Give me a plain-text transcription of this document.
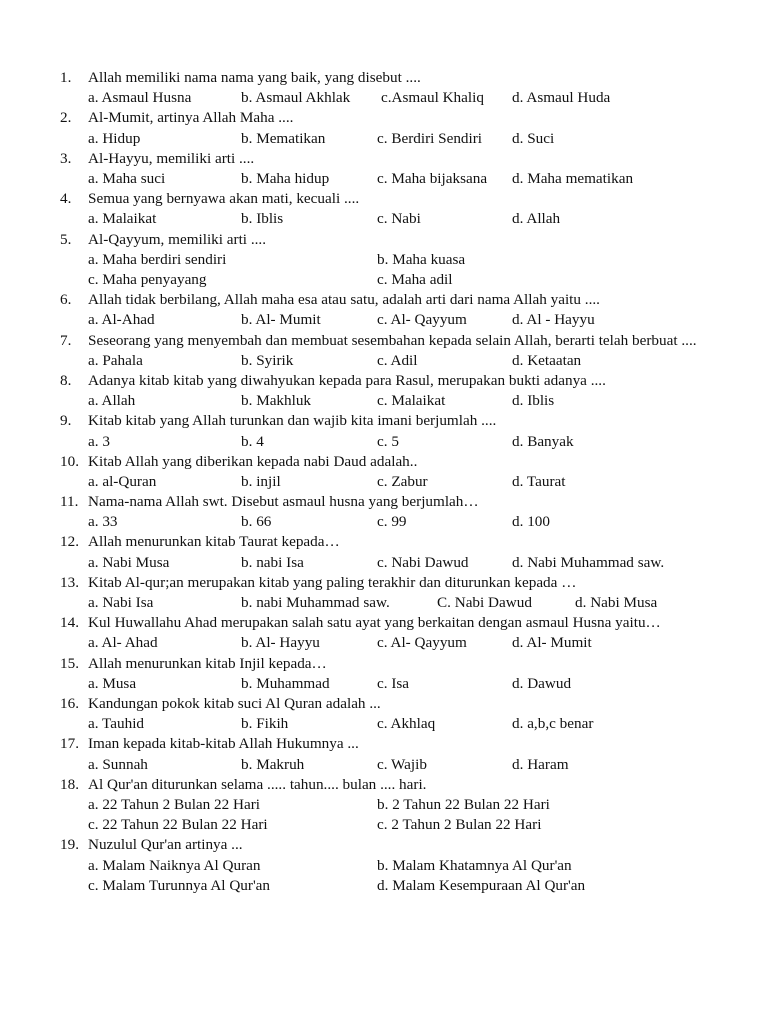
1.	Allah memiliki nama nama yang baik, yang disebut ....
a. Asmaul Husna	b. Asmaul Akhlak c.Asmaul Khaliq d. Asmaul Huda
2.	Al-Mumit, artinya Allah Maha ....
a. Hidup	b. Mematikan	c. Berdiri Sendiri d. Suci
3.	Al-Hayyu, memiliki arti ....
a. Maha suci	b. Maha hidup	c. Maha bijaksana d. Maha mematikan
4.	Semua yang bernyawa akan mati, kecuali ....
a. Malaikat	b. Iblis	c. Nabi	d. Allah
5.	Al-Qayyum, memiliki arti ....
a. Maha berdiri sendiri	b. Maha kuasa
c. Maha penyayang	c. Maha adil
6.	Allah tidak berbilang, Allah maha esa atau satu, adalah arti dari nama Allah yaitu ....
a. Al-Ahad	b. Al- Mumit	c. Al- Qayyum	d. Al - Hayyu
7.	Seseorang yang menyembah dan membuat sesembahan kepada selain Allah, berarti telah berbuat ....
a. Pahala	b. Syirik	c. Adil	d. Ketaatan
8.	Adanya kitab kitab yang diwahyukan kepada para Rasul, merupakan bukti adanya ....
a. Allah	b. Makhluk	c. Malaikat	d. Iblis
9.	Kitab kitab yang Allah turunkan dan wajib kita imani berjumlah ....
a. 3	b. 4	c. 5	d. Banyak
10. Kitab Allah yang diberikan kepada nabi Daud adalah..
a. al-Quran	b. injil	c. Zabur	d. Taurat
11. Nama-nama Allah swt. Disebut asmaul husna yang berjumlah…
a. 33	b. 66	c. 99	d. 100
12. Allah menurunkan kitab Taurat kepada…
a. Nabi Musa	b. nabi Isa	c. Nabi Dawud	d. Nabi Muhammad saw.
13. Kitab Al-qur;an merupakan kitab yang paling terakhir dan diturunkan kepada …
a. Nabi Isa	b. nabi Muhammad saw.	C. Nabi Dawud	d. Nabi Musa
14. Kul Huwallahu Ahad merupakan salah satu ayat yang berkaitan dengan asmaul Husna yaitu…
a. Al- Ahad	b. Al- Hayyu	c. Al- Qayyum	d. Al- Mumit
15. Allah menurunkan kitab Injil kepada…
a. Musa	b. Muhammad	c. Isa	d. Dawud
16. Kandungan pokok kitab suci Al Quran adalah ...
a. Tauhid	b. Fikih	c. Akhlaq	d. a,b,c benar
17. Iman kepada kitab-kitab Allah Hukumnya ...
a. Sunnah	b. Makruh	c. Wajib	d. Haram
18. Al Qur'an diturunkan selama ..... tahun.... bulan .... hari.
a. 22 Tahun 2 Bulan 22 Hari	b. 2 Tahun 22 Bulan 22 Hari
c. 22 Tahun 22 Bulan 22 Hari	c. 2 Tahun 2 Bulan 22 Hari
19. Nuzulul Qur'an artinya ...
a. Malam Naiknya Al Quran	b. Malam Khatamnya Al Qur'an
c. Malam Turunnya Al Qur'an	d. Malam Kesempuraan Al Qur'an
